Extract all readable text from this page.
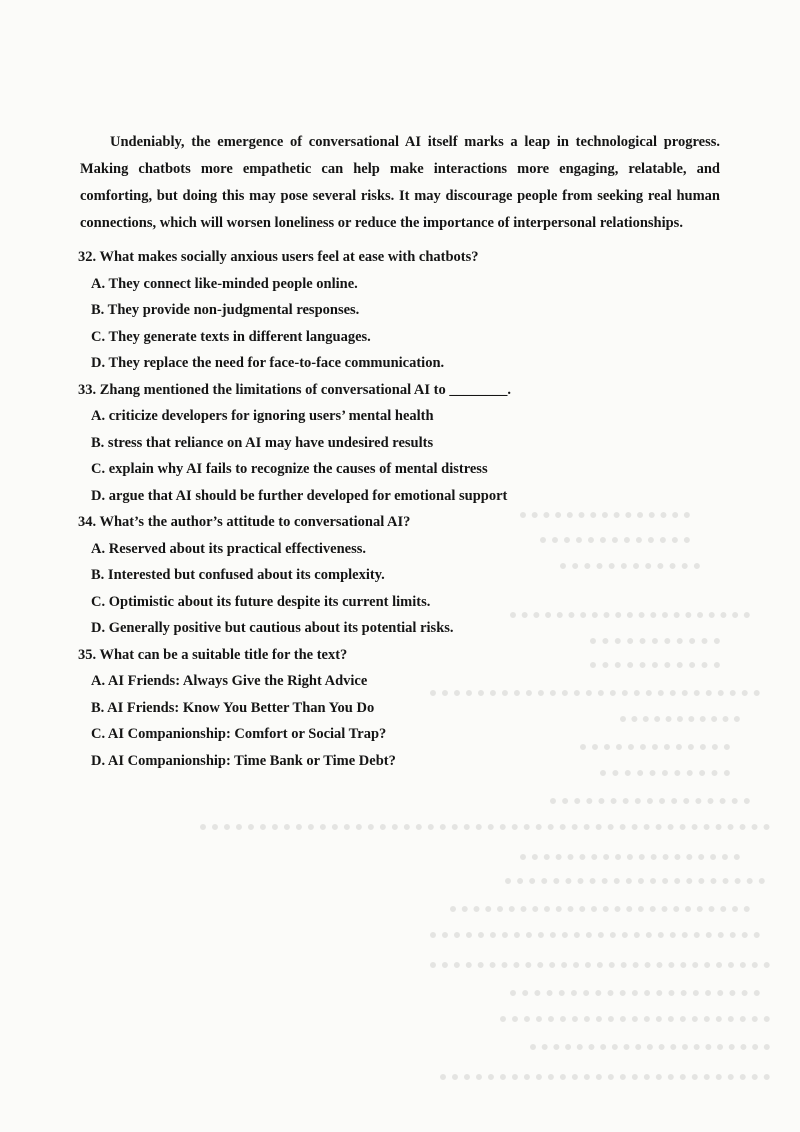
Undeniably, the emergence of conversational AI itself marks a leap in technological progress. Making chatbots more empathetic can help make interactions more engaging, relatable, and comforting, but doing this may pose several risks. It may discourage people from seeking real human connections, which will worsen loneliness or reduce the importance of interpersonal relationships.

32. What makes socially anxious users feel at ease with chatbots?

A. They connect like-minded people online.

B. They provide non-judgmental responses.

C. They generate texts in different languages.

D. They replace the need for face-to-face communication.

33. Zhang mentioned the limitations of conversational AI to ________.

A. criticize developers for ignoring users’ mental health

B. stress that reliance on AI may have undesired results

C. explain why AI fails to recognize the causes of mental distress

D. argue that AI should be further developed for emotional support

34. What’s the author’s attitude to conversational AI?

A. Reserved about its practical effectiveness.

B. Interested but confused about its complexity.

C. Optimistic about its future despite its current limits.

D. Generally positive but cautious about its potential risks.

35. What can be a suitable title for the text?

A. AI Friends: Always Give the Right Advice

B. AI Friends: Know You Better Than You Do

C. AI Companionship: Comfort or Social Trap?

D. AI Companionship: Time Bank or Time Debt?
